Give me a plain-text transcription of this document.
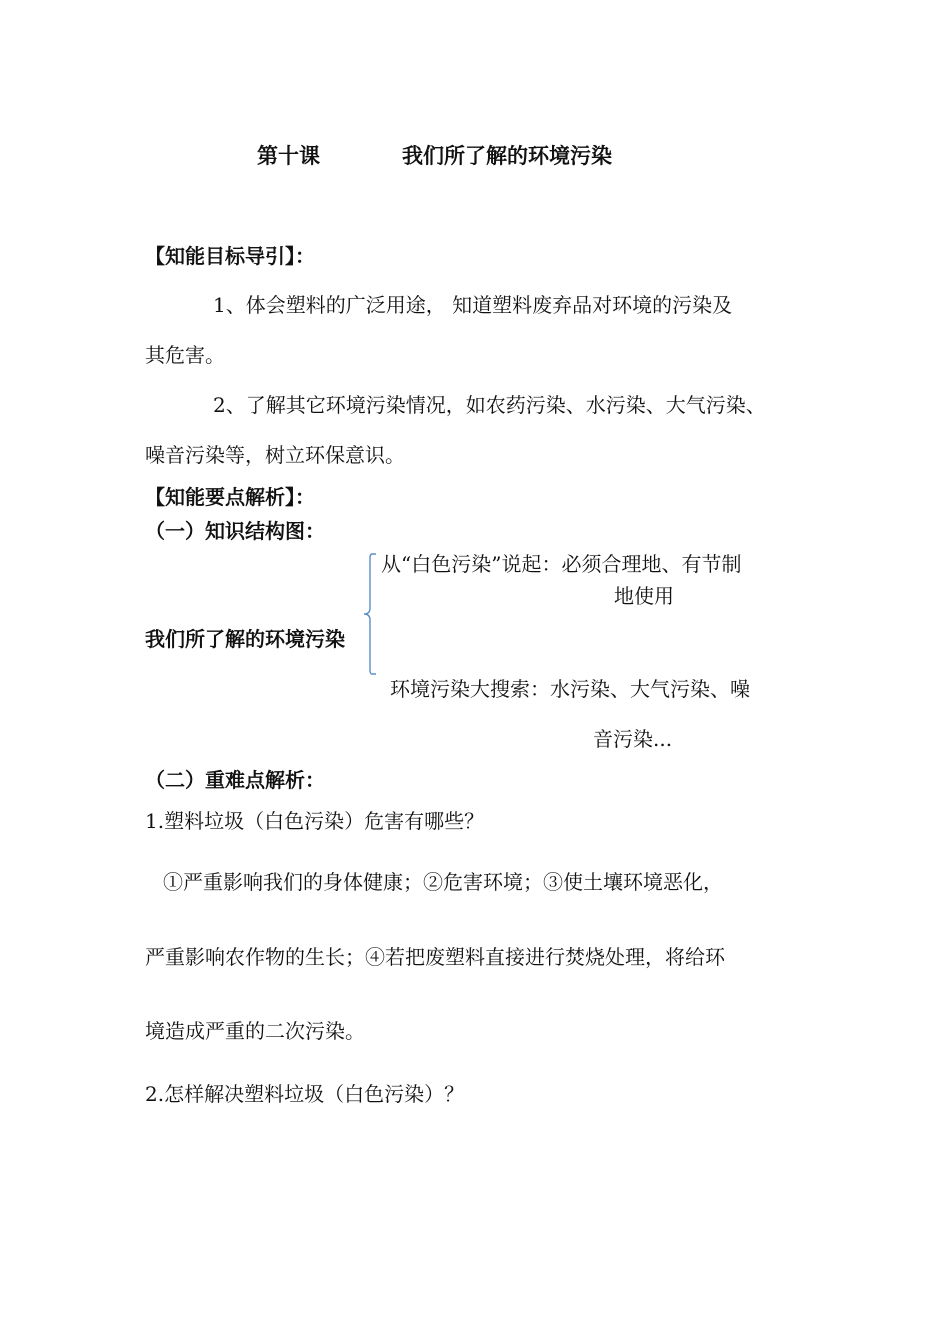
第十课	我们所了解的环境污染
【知能目标导引】：
1、体会塑料的广泛用途， 知道塑料废弃品对环境的污染及
其危害。
2、了解其它环境污染情况，如农药污染、水污染、大气污染、
噪音污染等，树立环保意识。
【知能要点解析】：
（一）知识结构图：
我们所了解的环境污染
从“白色污染”说起：必须合理地、有节制
地使用
环境污染大搜索：水污染、大气污染、噪
音污染...
（二）重难点解析：
1.塑料垃圾（白色污染）危害有哪些？
①严重影响我们的身体健康；②危害环境；③使土壤环境恶化，
严重影响农作物的生长；④若把废塑料直接进行焚烧处理，将给环
境造成严重的二次污染。
2.怎样解决塑料垃圾（白色污染）？
